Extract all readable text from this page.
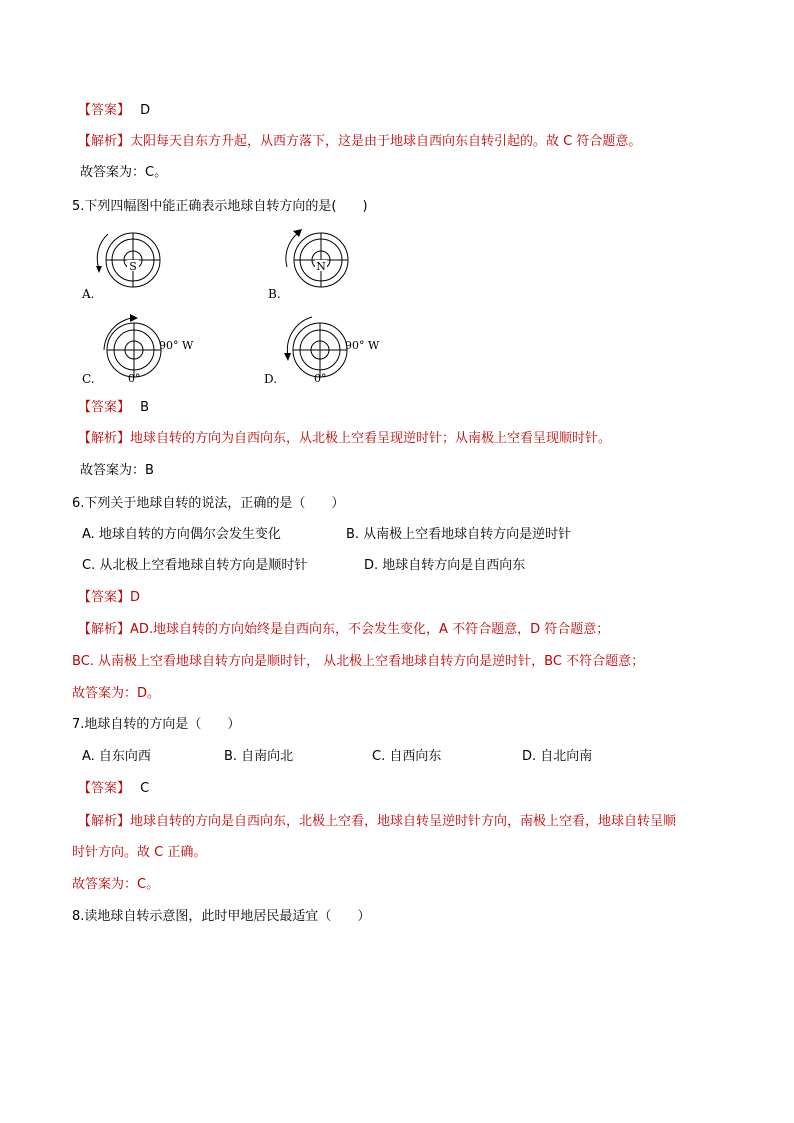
【答案】 D
【解析】太阳每天自东方升起，从西方落下，这是由于地球自西向东自转引起的。故 C 符合题意。
故答案为：C。
5.下列四幅图中能正确表示地球自转方向的是(　　)
S
A.
N
B.
90° W
0°
C.
90° W
0°
D.
【答案】 B
【解析】地球自转的方向为自西向东，从北极上空看呈现逆时针；从南极上空看呈现顺时针。
故答案为：B
6.下列关于地球自转的说法，正确的是（　　）
A. 地球自转的方向偶尔会发生变化	B. 从南极上空看地球自转方向是逆时针
C. 从北极上空看地球自转方向是顺时针	D. 地球自转方向是自西向东
【答案】D
【解析】AD.地球自转的方向始终是自西向东，不会发生变化，A 不符合题意，D 符合题意；
BC. 从南极上空看地球自转方向是顺时针， 从北极上空看地球自转方向是逆时针，BC 不符合题意；
故答案为：D。
7.地球自转的方向是（　　）
A. 自东向西	B. 自南向北	C. 自西向东	D. 自北向南
【答案】 C
【解析】地球自转的方向是自西向东，北极上空看，地球自转呈逆时针方向，南极上空看，地球自转呈顺
时针方向。故 C 正确。
故答案为：C。
8.读地球自转示意图，此时甲地居民最适宜（　　）
